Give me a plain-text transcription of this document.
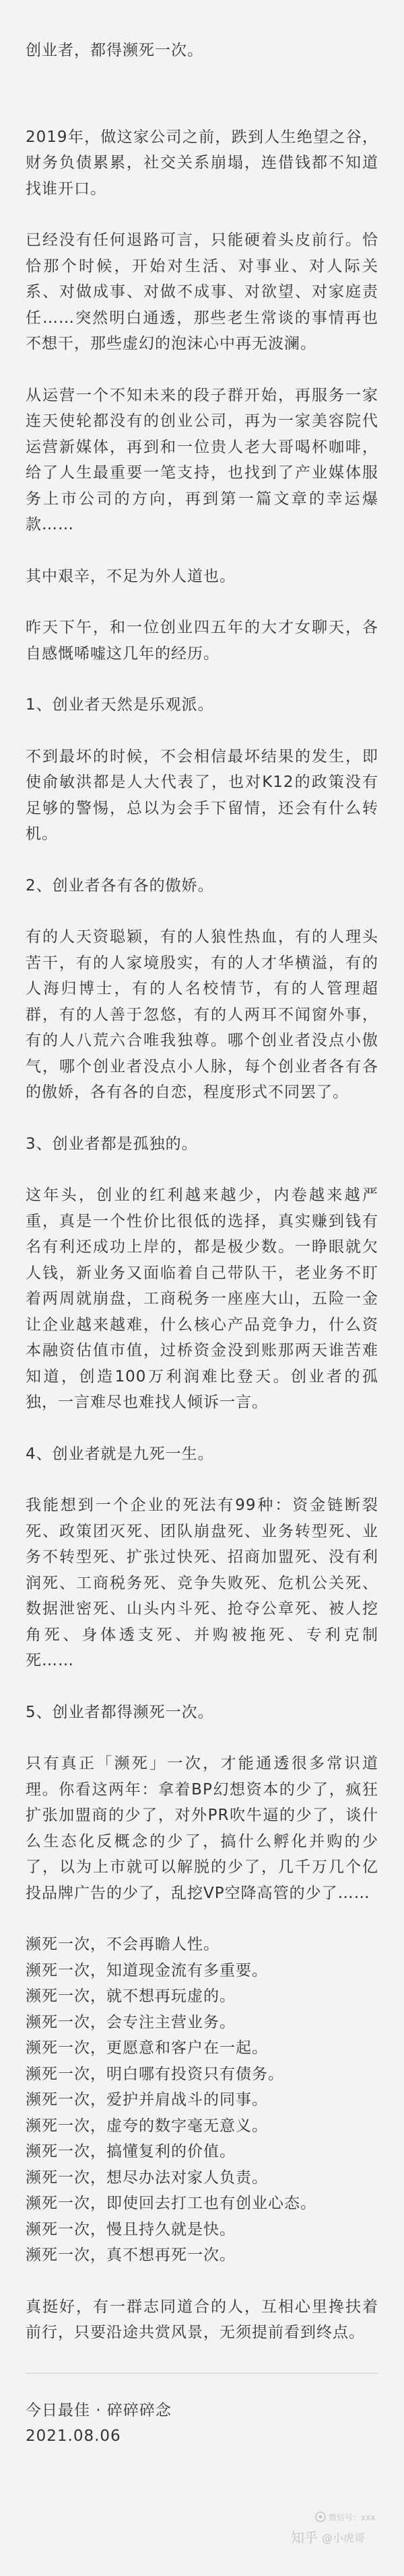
创业者，都得濒死一次。

2019年，做这家公司之前，跌到人生绝望之谷，财务负债累累，社交关系崩塌，连借钱都不知道找谁开口。

已经没有任何退路可言，只能硬着头皮前行。恰恰那个时候，开始对生活、对事业、对人际关系、对做成事、对做不成事、对欲望、对家庭责任……突然明白通透，那些老生常谈的事情再也不想干，那些虚幻的泡沫心中再无波澜。

从运营一个不知未来的段子群开始，再服务一家连天使轮都没有的创业公司，再为一家美容院代运营新媒体，再到和一位贵人老大哥喝杯咖啡，给了人生最重要一笔支持，也找到了产业媒体服务上市公司的方向，再到第一篇文章的幸运爆款……

其中艰辛，不足为外人道也。

昨天下午，和一位创业四五年的大才女聊天，各自感慨唏嘘这几年的经历。

1、创业者天然是乐观派。

不到最坏的时候，不会相信最坏结果的发生，即使俞敏洪都是人大代表了，也对K12的政策没有足够的警惕，总以为会手下留情，还会有什么转机。

2、创业者各有各的傲娇。

有的人天资聪颖，有的人狼性热血，有的人理头苦干，有的人家境殷实，有的人才华横溢，有的人海归博士，有的人名校情节，有的人管理超群，有的人善于忽悠，有的人两耳不闻窗外事，有的人八荒六合唯我独尊。哪个创业者没点小傲气，哪个创业者没点小人脉，每个创业者各有各的傲娇，各有各的自恋，程度形式不同罢了。

3、创业者都是孤独的。

这年头，创业的红利越来越少，内卷越来越严重，真是一个性价比很低的选择，真实赚到钱有名有利还成功上岸的，都是极少数。一睁眼就欠人钱，新业务又面临着自己带队干，老业务不盯着两周就崩盘，工商税务一座座大山，五险一金让企业越来越难，什么核心产品竞争力，什么资本融资估值市值，过桥资金没到账那两天谁苦难知道，创造100万利润难比登天。创业者的孤独，一言难尽也难找人倾诉一言。

4、创业者就是九死一生。

我能想到一个企业的死法有99种：资金链断裂死、政策团灭死、团队崩盘死、业务转型死、业务不转型死、扩张过快死、招商加盟死、没有利润死、工商税务死、竞争失败死、危机公关死、数据泄密死、山头内斗死、抢夺公章死、被人挖角死、身体透支死、并购被拖死、专利克制死……

5、创业者都得濒死一次。

只有真正「濒死」一次，才能通透很多常识道理。你看这两年：拿着BP幻想资本的少了，疯狂扩张加盟商的少了，对外PR吹牛逼的少了，谈什么生态化反概念的少了，搞什么孵化并购的少了，以为上市就可以解脱的少了，几千万几个亿投品牌广告的少了，乱挖VP空降高管的少了……

濒死一次，不会再瞻人性。
濒死一次，知道现金流有多重要。
濒死一次，就不想再玩虚的。
濒死一次，会专注主营业务。
濒死一次，更愿意和客户在一起。
濒死一次，明白哪有投资只有债务。
濒死一次，爱护并肩战斗的同事。
濒死一次，虚夸的数字毫无意义。
濒死一次，搞懂复利的价值。
濒死一次，想尽办法对家人负责。
濒死一次，即使回去打工也有创业心态。
濒死一次，慢且持久就是快。
濒死一次，真不想再死一次。

真挺好，有一群志同道合的人，互相心里搀扶着前行，只要沿途共赏风景，无须提前看到终点。

今日最佳 · 碎碎碎念
2021.08.06
微信号：xxx
知乎 @小虎哥
